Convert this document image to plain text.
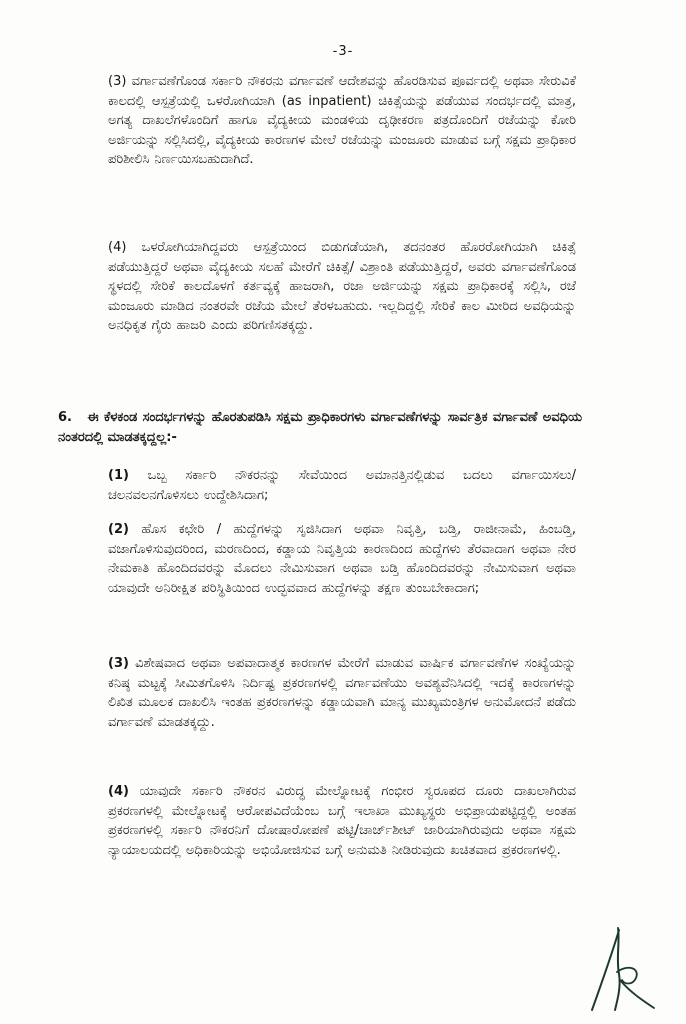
-3-

(3) ವರ್ಗಾವಣೆಗೊಂಡ ಸರ್ಕಾರಿ ನೌಕರನು ವರ್ಗಾವಣೆ ಆದೇಶವನ್ನು ಹೊರಡಿಸುವ ಪೂರ್ವದಲ್ಲಿ ಅಥವಾ ಸೇರುವಿಕೆ ಕಾಲದಲ್ಲಿ ಆಸ್ಪತ್ರೆಯಲ್ಲಿ ಒಳರೋಗಿಯಾಗಿ (as inpatient) ಚಿಕಿತ್ಸೆಯನ್ನು ಪಡೆಯುವ ಸಂದರ್ಭದಲ್ಲಿ ಮಾತ್ರ, ಅಗತ್ಯ ದಾಖಲೆಗಳೊಂದಿಗೆ ಹಾಗೂ ವೈದ್ಯಕೀಯ ಮಂಡಳಿಯ ದೃಢೀಕರಣ ಪತ್ರದೊಂದಿಗೆ ರಜೆಯನ್ನು ಕೋರಿ ಅರ್ಜಿಯನ್ನು ಸಲ್ಲಿಸಿದಲ್ಲಿ, ವೈದ್ಯಕೀಯ ಕಾರಣಗಳ ಮೇಲೆ ರಜೆಯನ್ನು ಮಂಜೂರು ಮಾಡುವ ಬಗ್ಗೆ ಸಕ್ಷಮ ಪ್ರಾಧಿಕಾರ ಪರಿಶೀಲಿಸಿ ನಿರ್ಣಯಿಸಬಹುದಾಗಿದೆ.

(4) ಒಳರೋಗಿಯಾಗಿದ್ದವರು ಆಸ್ಪತ್ರೆಯಿಂದ ಬಿಡುಗಡೆಯಾಗಿ, ತದನಂತರ ಹೊರರೋಗಿಯಾಗಿ ಚಿಕಿತ್ಸೆ ಪಡೆಯುತ್ತಿದ್ದರೆ ಅಥವಾ ವೈದ್ಯಕೀಯ ಸಲಹೆ ಮೇರೆಗೆ ಚಿಕಿತ್ಸೆ/ ವಿಶ್ರಾಂತಿ ಪಡೆಯುತ್ತಿದ್ದರೆ, ಅವರು ವರ್ಗಾವಣೆಗೊಂಡ ಸ್ಥಳದಲ್ಲಿ ಸೇರಿಕೆ ಕಾಲದೊಳಗೆ ಕರ್ತವ್ಯಕ್ಕೆ ಹಾಜರಾಗಿ, ರಜಾ ಅರ್ಜಿಯನ್ನು ಸಕ್ಷಮ ಪ್ರಾಧಿಕಾರಕ್ಕೆ ಸಲ್ಲಿಸಿ, ರಜೆ ಮಂಜೂರು ಮಾಡಿದ ನಂತರವೇ ರಜೆಯ ಮೇಲೆ ತೆರಳಬಹುದು. ಇಲ್ಲದಿದ್ದಲ್ಲಿ ಸೇರಿಕೆ ಕಾಲ ಮೀರಿದ ಅವಧಿಯನ್ನು ಅನಧಿಕೃತ ಗೈರು ಹಾಜರಿ ಎಂದು ಪರಿಗಣಿಸತಕ್ಕದ್ದು.

6. ಈ ಕೆಳಕಂಡ ಸಂದರ್ಭಗಳನ್ನು ಹೊರತುಪಡಿಸಿ ಸಕ್ಷಮ ಪ್ರಾಧಿಕಾರಗಳು ವರ್ಗಾವಣೆಗಳನ್ನು ಸಾರ್ವತ್ರಿಕ ವರ್ಗಾವಣೆ ಅವಧಿಯ ನಂತರದಲ್ಲಿ ಮಾಡತಕ್ಕದ್ದಲ್ಲ:-
(1) ಒಬ್ಬ ಸರ್ಕಾರಿ ನೌಕರನನ್ನು ಸೇವೆಯಿಂದ ಅಮಾನತ್ತಿನಲ್ಲಿಡುವ ಬದಲು ವರ್ಗಾಯಿಸಲು/ ಚಲನವಲನಗೊಳಿಸಲು ಉದ್ದೇಶಿಸಿದಾಗ;
(2) ಹೊಸ ಕಛೇರಿ / ಹುದ್ದೆಗಳನ್ನು ಸೃಜಿಸಿದಾಗ ಅಥವಾ ನಿವೃತ್ತಿ, ಬಡ್ತಿ, ರಾಜೀನಾಮೆ, ಹಿಂಬಡ್ತಿ, ವಜಾಗೊಳಿಸುವುದರಿಂದ, ಮರಣದಿಂದ, ಕಡ್ಡಾಯ ನಿವೃತ್ತಿಯ ಕಾರಣದಿಂದ ಹುದ್ದೆಗಳು ತೆರವಾದಾಗ ಅಥವಾ ನೇರ ನೇಮಕಾತಿ ಹೊಂದಿದವರನ್ನು ಮೊದಲು ನೇಮಿಸುವಾಗ ಅಥವಾ ಬಡ್ತಿ ಹೊಂದಿದವರನ್ನು ನೇಮಿಸುವಾಗ ಅಥವಾ ಯಾವುದೇ ಅನಿರೀಕ್ಷಿತ ಪರಿಸ್ಥಿತಿಯಿಂದ ಉದ್ಭವವಾದ ಹುದ್ದೆಗಳನ್ನು ತಕ್ಷಣ ತುಂಬಬೇಕಾದಾಗ;
(3) ವಿಶೇಷವಾದ ಅಥವಾ ಅಪವಾದಾತ್ಮಕ ಕಾರಣಗಳ ಮೇರೆಗೆ ಮಾಡುವ ವಾರ್ಷಿಕ ವರ್ಗಾವಣೆಗಳ ಸಂಖ್ಯೆಯನ್ನು ಕನಿಷ್ಠ ಮಟ್ಟಕ್ಕೆ ಸೀಮಿತಗೊಳಿಸಿ ನಿರ್ದಿಷ್ಟ ಪ್ರಕರಣಗಳಲ್ಲಿ ವರ್ಗಾವಣೆಯು ಅವಶ್ಯವೆನಿಸಿದಲ್ಲಿ ಇದಕ್ಕೆ ಕಾರಣಗಳನ್ನು ಲಿಖಿತ ಮೂಲಕ ದಾಖಲಿಸಿ ಇಂತಹ ಪ್ರಕರಣಗಳನ್ನು ಕಡ್ಡಾಯವಾಗಿ ಮಾನ್ಯ ಮುಖ್ಯಮಂತ್ರಿಗಳ ಅನುಮೋದನೆ ಪಡೆದು ವರ್ಗಾವಣೆ ಮಾಡತಕ್ಕದ್ದು.
(4) ಯಾವುದೇ ಸರ್ಕಾರಿ ನೌಕರನ ವಿರುದ್ಧ ಮೇಲ್ನೋಟಕ್ಕೆ ಗಂಭೀರ ಸ್ವರೂಪದ ದೂರು ದಾಖಲಾಗಿರುವ ಪ್ರಕರಣಗಳಲ್ಲಿ ಮೇಲ್ನೋಟಕ್ಕೆ ಆರೋಪವಿದೆಯೆಂಬ ಬಗ್ಗೆ ಇಲಾಖಾ ಮುಖ್ಯಸ್ಥರು ಅಭಿಪ್ರಾಯಪಟ್ಟಿದ್ದಲ್ಲಿ ಅಂತಹ ಪ್ರಕರಣಗಳಲ್ಲಿ ಸರ್ಕಾರಿ ನೌಕರನಿಗೆ ದೋಷಾರೋಪಣೆ ಪಟ್ಟಿ/ಚಾರ್ಜ್‌ಶೀಟ್ ಜಾರಿಯಾಗಿರುವುದು ಅಥವಾ ಸಕ್ಷಮ ನ್ಯಾಯಾಲಯದಲ್ಲಿ ಅಧಿಕಾರಿಯನ್ನು ಅಭಿಯೋಜಿಸುವ ಬಗ್ಗೆ ಅನುಮತಿ ನೀಡಿರುವುದು ಖಚಿತವಾದ ಪ್ರಕರಣಗಳಲ್ಲಿ.
